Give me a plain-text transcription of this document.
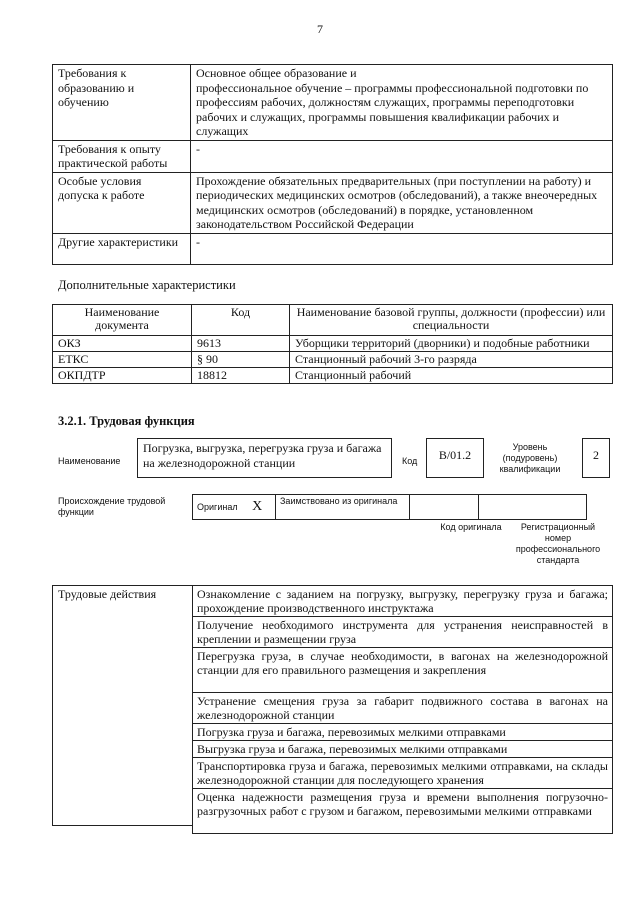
7
Требования к образованию и обучению	Основное общее образование и
профессиональное обучение – программы профессиональной подготовки по профессиям рабочих, должностям служащих, программы переподготовки рабочих и служащих, программы повышения квалификации рабочих и служащих
Требования к опыту практической работы	-
Особые условия допуска к работе	Прохождение обязательных предварительных (при поступлении на работу) и периодических медицинских осмотров (обследований), а также внеочередных медицинских осмотров (обследований) в порядке, установленном законодательством Российской Федерации
Другие характеристики	-
Дополнительные характеристики
Наименование документа	Код	Наименование базовой группы, должности (профессии) или специальности
ОКЗ	9613	Уборщики территорий (дворники) и подобные работники
ЕТКС	§ 90	Станционный рабочий 3-го разряда
ОКПДТР	18812	Станционный рабочий
3.2.1. Трудовая функция
Наименование
Погрузка, выгрузка, перегрузка груза и багажа на железнодорожной станции	Код	B/01.2
Уровень (подуровень) квалификации
2
Происхождение трудовой функции	Оригинал X	Заимствовано из оригинала		
Код оригинала	Регистрационный номер профессионального стандарта
Трудовые действия	Ознакомление с заданием на погрузку, выгрузку, перегрузку груза и багажа; прохождение производственного инструктажа
Получение необходимого инструмента для устранения неисправностей в креплении и размещении груза
Перегрузка груза, в случае необходимости, в вагонах на железнодорожной станции для его правильного размещения и закрепления
Устранение смещения груза за габарит подвижного состава в вагонах на железнодорожной станции
Погрузка груза и багажа, перевозимых мелкими отправками
Выгрузка груза и багажа, перевозимых мелкими отправками
Транспортировка груза и багажа, перевозимых мелкими отправками, на склады железнодорожной станции для последующего хранения
Оценка надежности размещения груза и времени выполнения погрузочно-разгрузочных работ с грузом и багажом, перевозимыми мелкими отправками
